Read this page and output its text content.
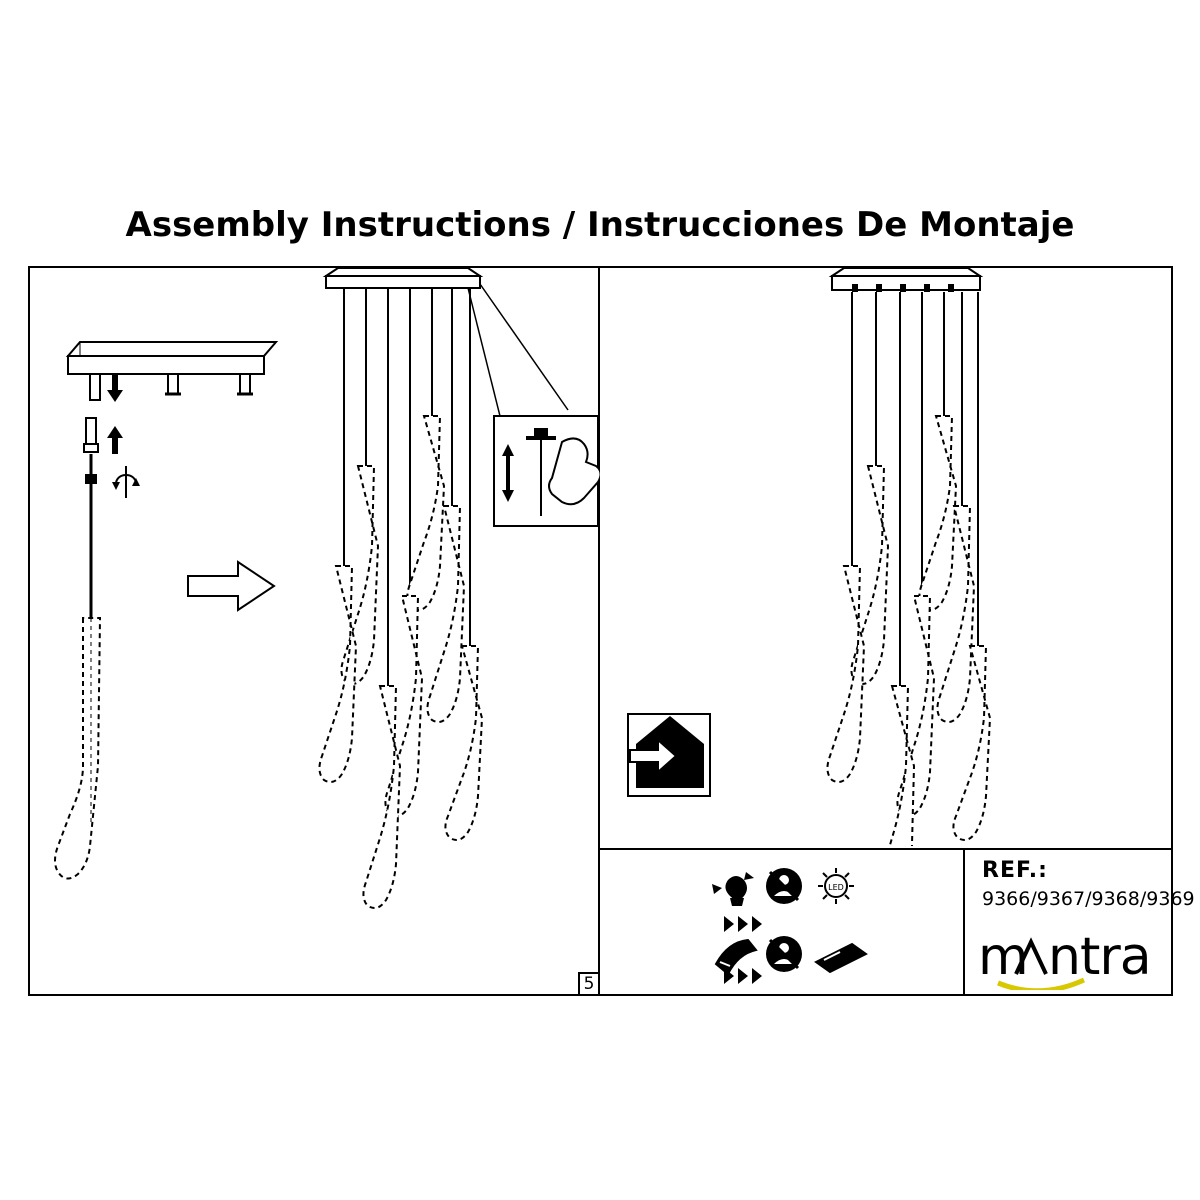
Assembly Instructions / Instrucciones De Montaje
5
REF.:
9366/9367/9368/9369
m ntra
LED
